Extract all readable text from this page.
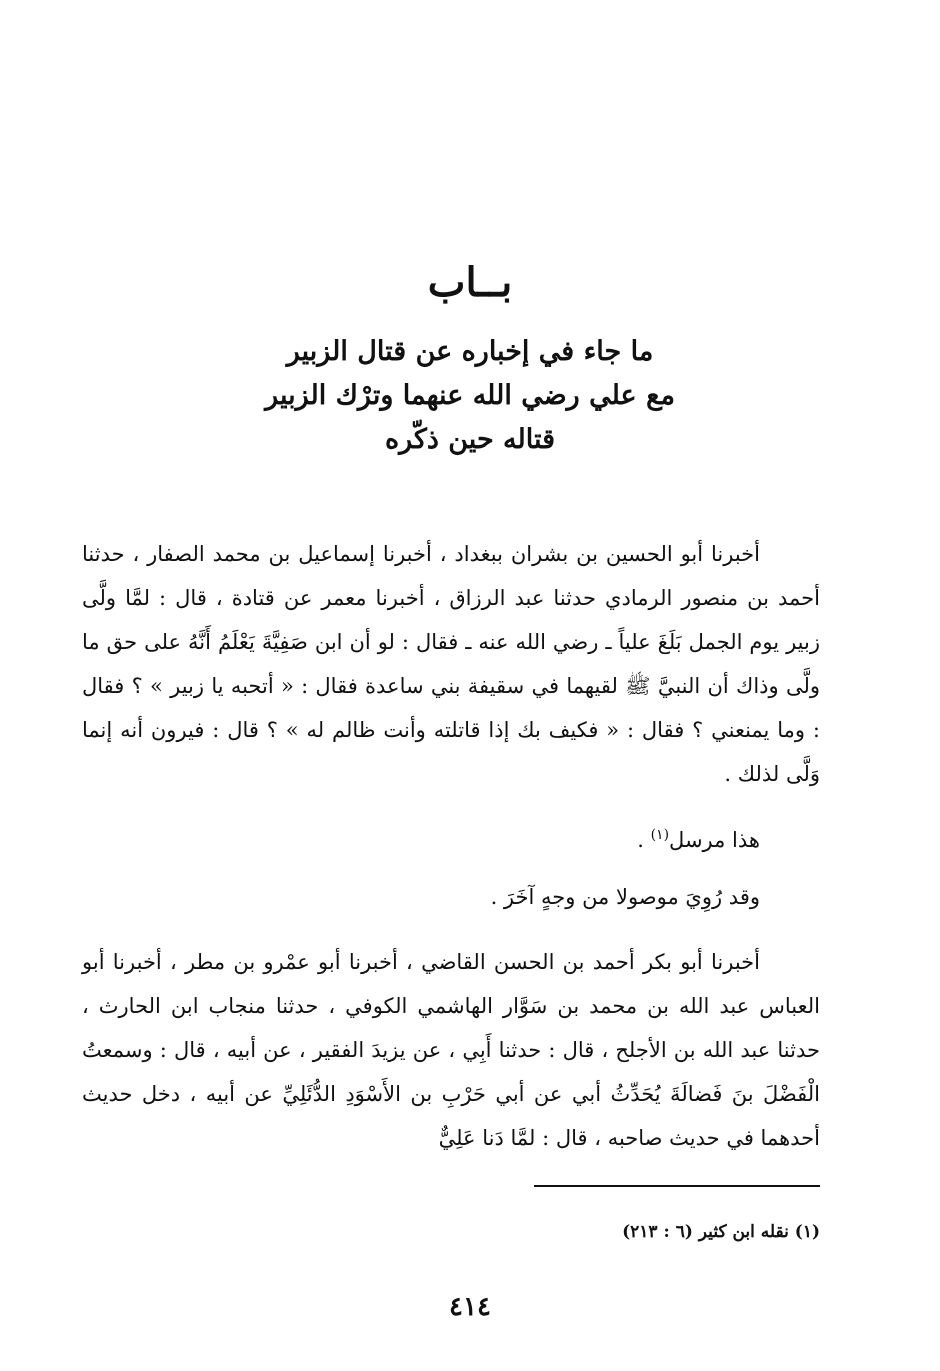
بــاب
ما جاء في إخباره عن قتال الزبير
مع علي رضي الله عنهما وترْك الزبير
قتاله حين ذكّره

أخبرنا أبو الحسين بن بشران ببغداد ، أخبرنا إسماعيل بن محمد الصفار ، حدثنا أحمد بن منصور الرمادي حدثنا عبد الرزاق ، أخبرنا معمر عن قتادة ، قال : لمَّا ولَّى زبير يوم الجمل بَلَغَ علياً ـ رضي الله عنه ـ فقال : لو أن ابن صَفِيَّةَ يَعْلَمُ أَنَّهُ على حق ما ولَّى وذاك أن النبيَّ ﷺ لقيهما في سقيفة بني ساعدة فقال : « أتحبه يا زبير » ؟ فقال : وما يمنعني ؟ فقال : « فكيف بك إذا قاتلته وأنت ظالم له » ؟ قال : فيرون أنه إنما وَلَّى لذلك .

هذا مرسل$^{(١)}$ .

وقد رُوِيَ موصولا من وجهٍ آخَرَ .

أخبرنا أبو بكر أحمد بن الحسن القاضي ، أخبرنا أبو عمْرو بن مطر ، أخبرنا أبو العباس عبد الله بن محمد بن سَوَّار الهاشمي الكوفي ، حدثنا منجاب ابن الحارث ، حدثنا عبد الله بن الأجلح ، قال : حدثنا أَبِي ، عن يزيدَ الفقير ، عن أبيه ، قال : وسمعتُ الْفَضْلَ بنَ فَضالَةَ يُحَدِّثُ أبي عن أبي حَرْبِ بن الأَسْوَدِ الدُّئَلِيِّ عن أبيه ، دخل حديث أحدهما في حديث صاحبه ، قال : لمَّا دَنا عَلِيٌّ

(١) نقله ابن كثير (٦ : ٢١٣)
٤١٤
